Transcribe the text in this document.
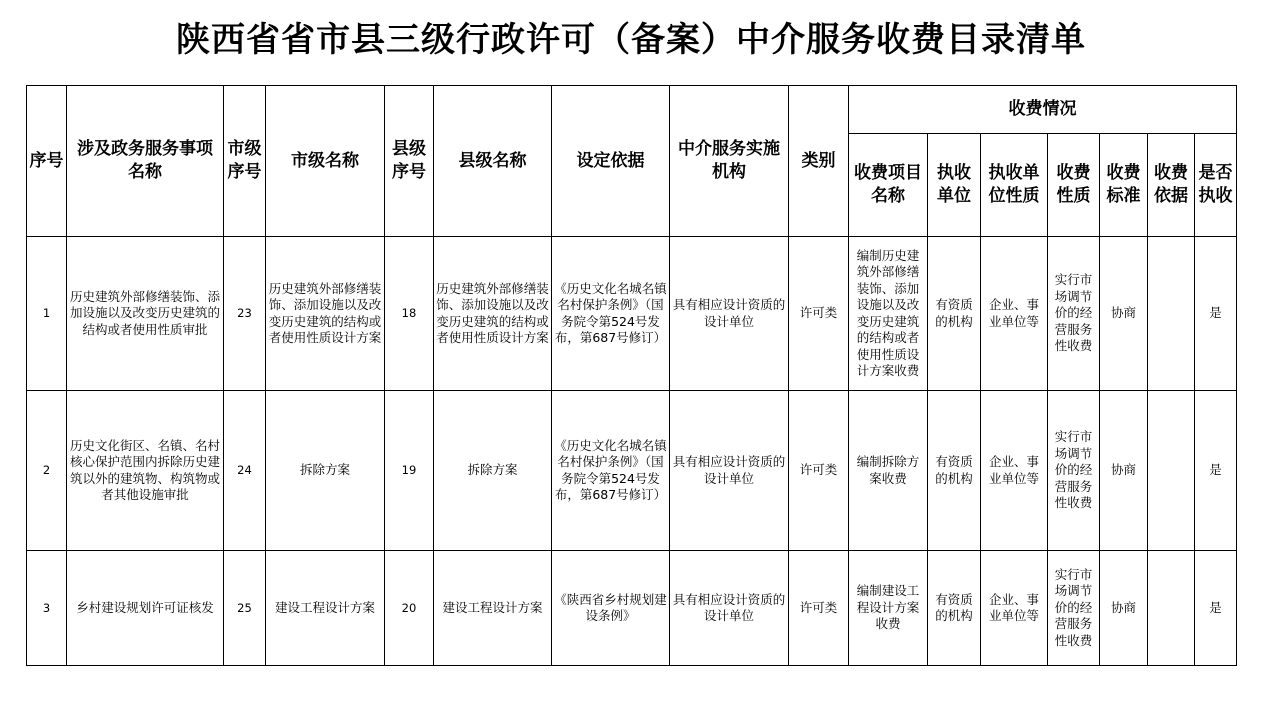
陕西省省市县三级行政许可（备案）中介服务收费目录清单
序号	涉及政务服务事项名称	市级序号	市级名称	县级序号	县级名称	设定依据	中介服务实施机构	类别	收费情况						
									收费项目名称	执收单位	执收单位性质	收费性质	收费标准	收费依据	是否执收
1	历史建筑外部修缮装饰、添加设施以及改变历史建筑的结构或者使用性质审批	23	历史建筑外部修缮装饰、添加设施以及改变历史建筑的结构或者使用性质设计方案	18	历史建筑外部修缮装饰、添加设施以及改变历史建筑的结构或者使用性质设计方案	《历史文化名城名镇名村保护条例》（国务院令第524号发布，第687号修订）	具有相应设计资质的设计单位	许可类	编制历史建筑外部修缮装饰、添加设施以及改变历史建筑的结构或者使用性质设计方案收费	有资质的机构	企业、事业单位等	实行市场调节价的经营服务性收费	协商		是
2	历史文化街区、名镇、名村核心保护范围内拆除历史建筑以外的建筑物、构筑物或者其他设施审批	24	拆除方案	19	拆除方案	《历史文化名城名镇名村保护条例》（国务院令第524号发布，第687号修订）	具有相应设计资质的设计单位	许可类	编制拆除方案收费	有资质的机构	企业、事业单位等	实行市场调节价的经营服务性收费	协商		是
3	乡村建设规划许可证核发	25	建设工程设计方案	20	建设工程设计方案	《陕西省乡村规划建设条例》	具有相应设计资质的设计单位	许可类	编制建设工程设计方案收费	有资质的机构	企业、事业单位等	实行市场调节价的经营服务性收费	协商		是
